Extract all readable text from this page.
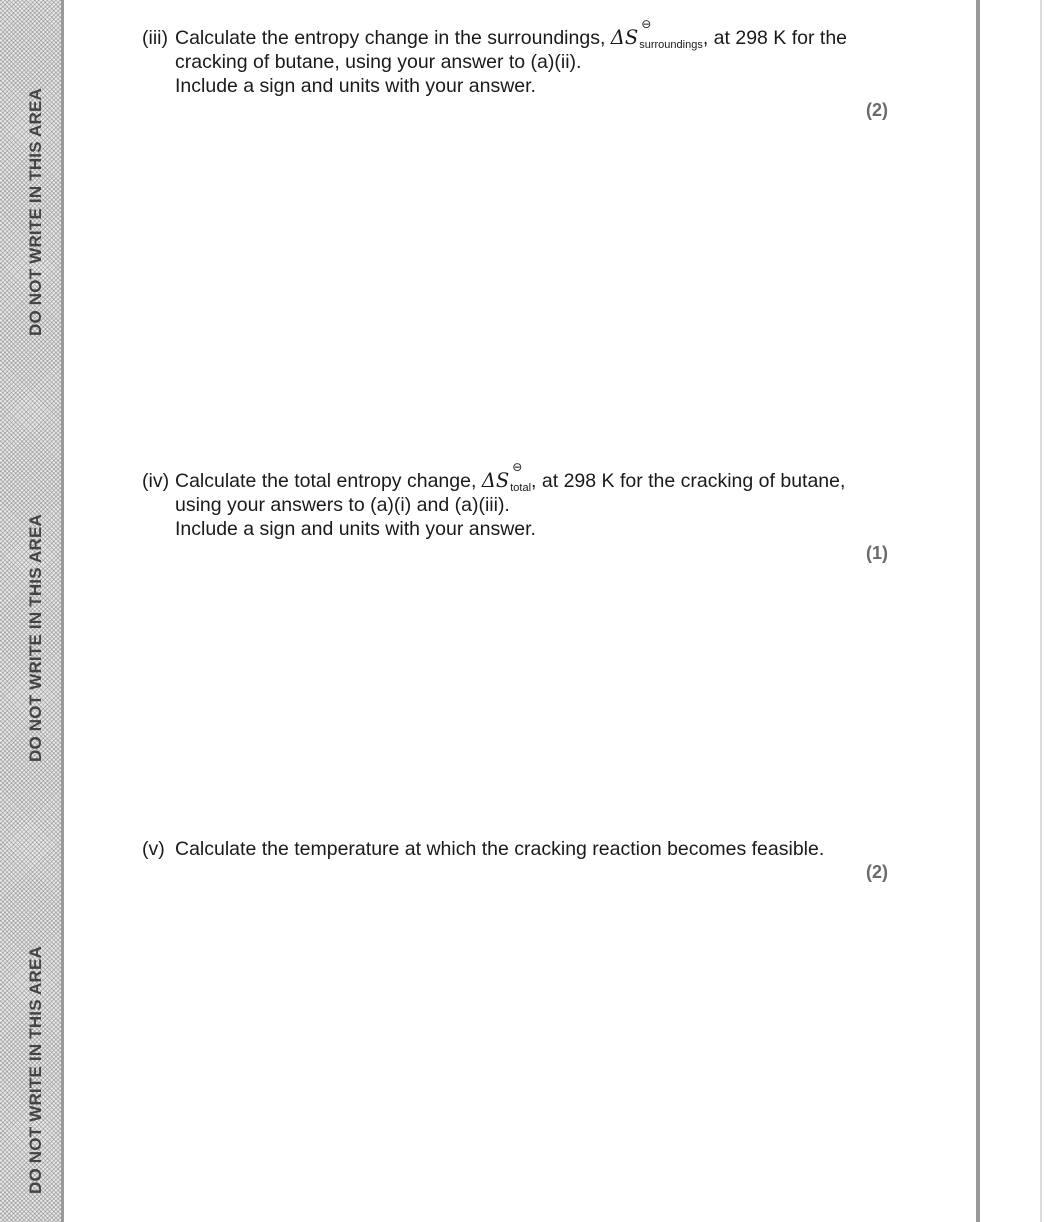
DO NOT WRITE IN THIS AREA
DO NOT WRITE IN THIS AREA
DO NOT WRITE IN THIS AREA
(iii) Calculate the entropy change in the surroundings, ΔS
⊖
surroundings, at 298 K for the
cracking of butane, using your answer to (a)(ii).
Include a sign and units with your answer.
(2)
(iv) Calculate the total entropy change, ΔS
⊖
total, at 298 K for the cracking of butane,
using your answers to (a)(i) and (a)(iii).
Include a sign and units with your answer.
(1)
(v) Calculate the temperature at which the cracking reaction becomes feasible.
(2)
